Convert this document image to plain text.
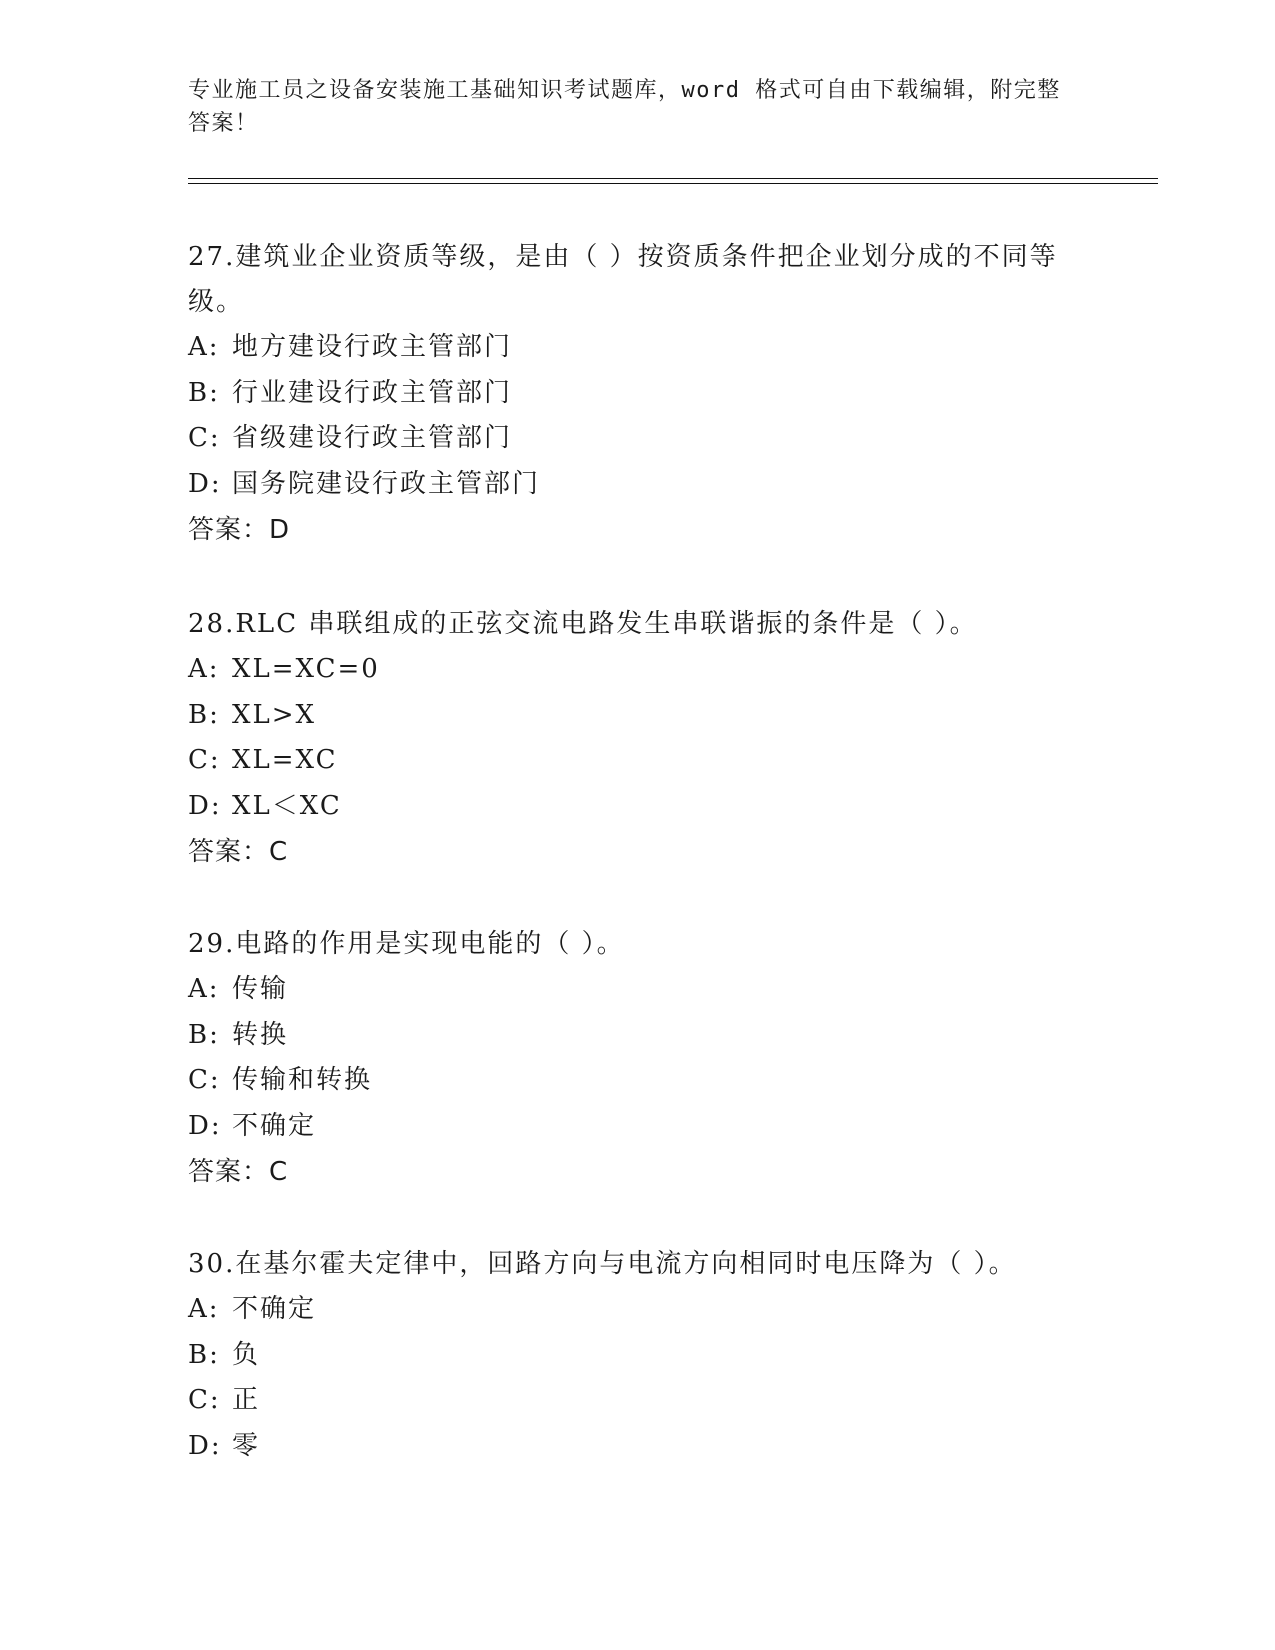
专业施工员之设备安装施工基础知识考试题库，word 格式可自由下载编辑，附完整答案！

27.建筑业企业资质等级，是由（ ）按资质条件把企业划分成的不同等级。

A: 地方建设行政主管部门

B: 行业建设行政主管部门

C: 省级建设行政主管部门

D: 国务院建设行政主管部门

答案：D

28.RLC 串联组成的正弦交流电路发生串联谐振的条件是（ ）。

A: XL=XC=0

B: XL>X

C: XL=XC

D: XL＜XC

答案：C

29.电路的作用是实现电能的（ ）。

A: 传输

B: 转换

C: 传输和转换

D: 不确定

答案：C

30.在基尔霍夫定律中，回路方向与电流方向相同时电压降为（ ）。

A: 不确定

B: 负

C: 正

D: 零
